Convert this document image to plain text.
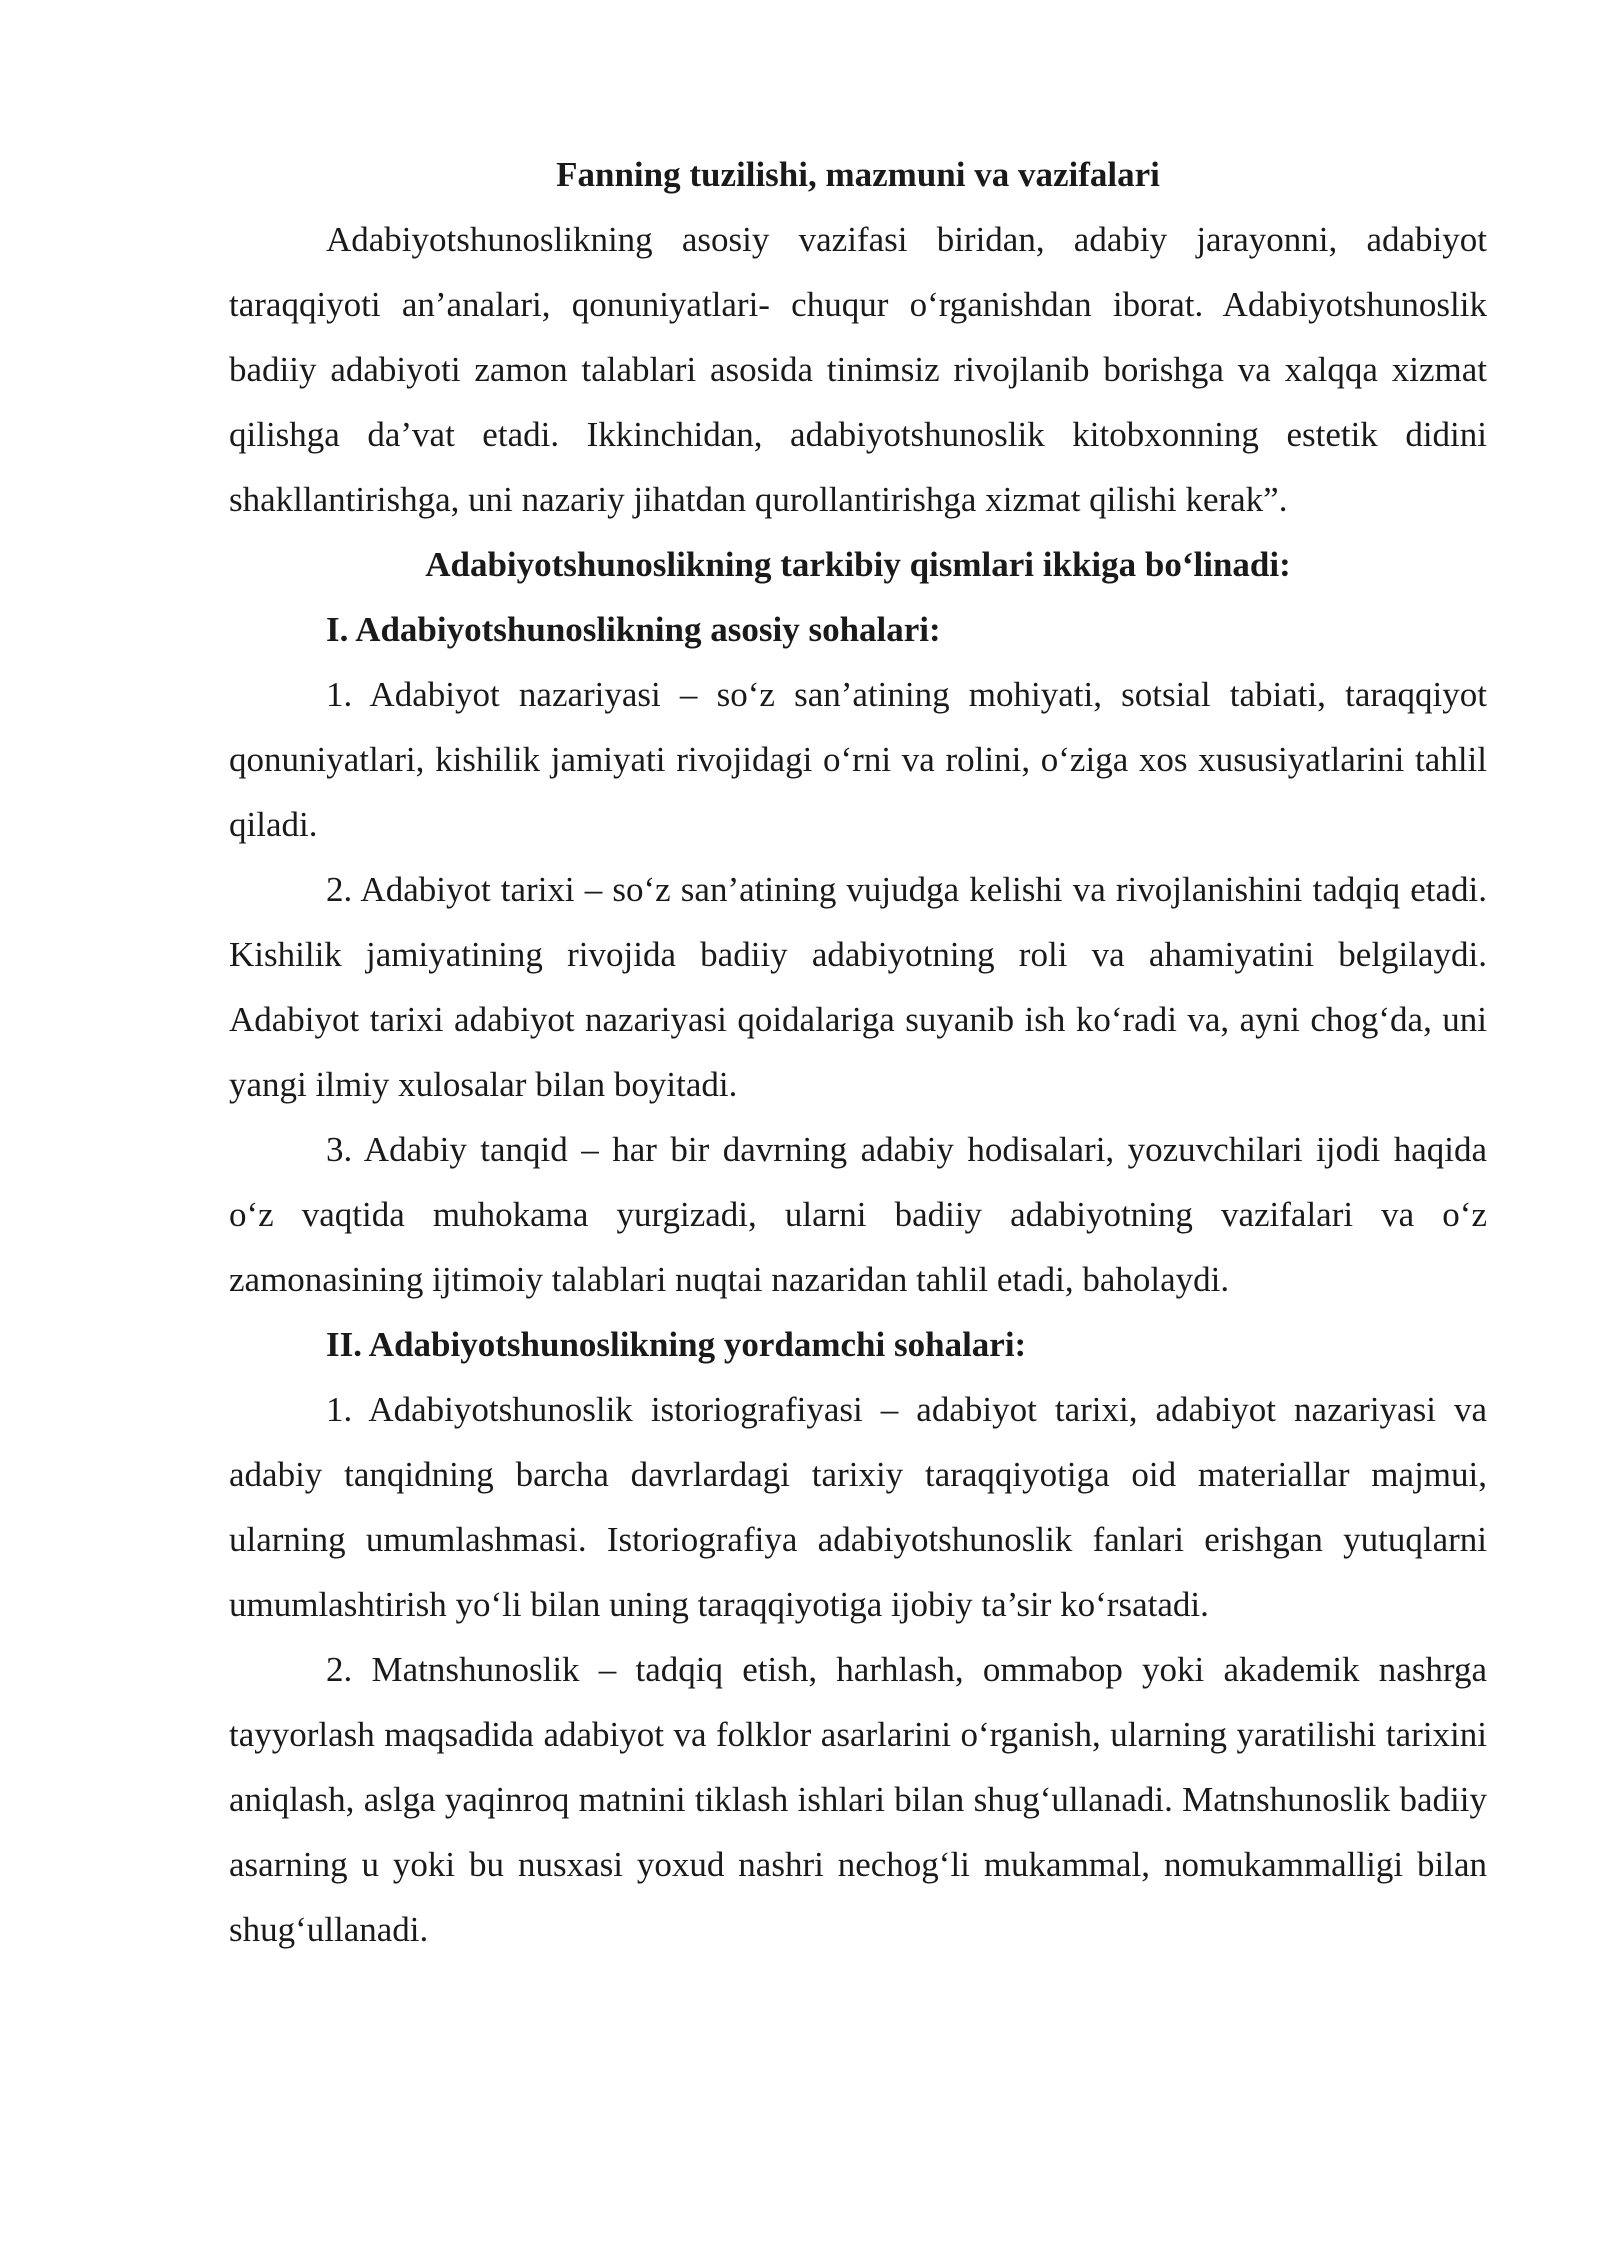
Fanning tuzilishi, mazmuni va vazifalari

Adabiyotshunoslikning asosiy vazifasi biridan, adabiy jarayonni, adabiyot taraqqiyoti an’analari, qonuniyatlari- chuqur o‘rganishdan iborat. Adabiyotshunoslik badiiy adabiyoti zamon talablari asosida tinimsiz rivojlanib borishga va xalqqa xizmat qilishga da’vat etadi. Ikkinchidan, adabiyotshunoslik kitobxonning estetik didini shakllantirishga, uni nazariy jihatdan qurollantirishga xizmat qilishi kerak”.

Adabiyotshunoslikning tarkibiy qismlari ikkiga bo‘linadi:

I. Adabiyotshunoslikning asosiy sohalari:

1. Adabiyot nazariyasi – so‘z san’atining mohiyati, sotsial tabiati, taraqqiyot qonuniyatlari, kishilik jamiyati rivojidagi o‘rni va rolini, o‘ziga xos xususiyatlarini tahlil qiladi.

2. Adabiyot tarixi – so‘z san’atining vujudga kelishi va rivojlanishini tadqiq etadi. Kishilik jamiyatining rivojida badiiy adabiyotning roli va ahamiyatini belgilaydi. Adabiyot tarixi adabiyot nazariyasi qoidalariga suyanib ish ko‘radi va, ayni chog‘da, uni yangi ilmiy xulosalar bilan boyitadi.

3. Adabiy tanqid – har bir davrning adabiy hodisalari, yozuvchilari ijodi haqida o‘z vaqtida muhokama yurgizadi, ularni badiiy adabiyotning vazifalari va o‘z zamonasining ijtimoiy talablari nuqtai nazaridan tahlil etadi, baholaydi.

II. Adabiyotshunoslikning yordamchi sohalari:

1. Adabiyotshunoslik istoriografiyasi – adabiyot tarixi, adabiyot nazariyasi va adabiy tanqidning barcha davrlardagi tarixiy taraqqiyotiga oid materiallar majmui, ularning umumlashmasi. Istoriografiya adabiyotshunoslik fanlari erishgan yutuqlarni umumlashtirish yo‘li bilan uning taraqqiyotiga ijobiy ta’sir ko‘rsatadi.

2. Matnshunoslik – tadqiq etish, harhlash, ommabop yoki akademik nashrga tayyorlash maqsadida adabiyot va folklor asarlarini o‘rganish, ularning yaratilishi tarixini aniqlash, aslga yaqinroq matnini tiklash ishlari bilan shug‘ullanadi. Matnshunoslik badiiy asarning u yoki bu nusxasi yoxud nashri nechog‘li mukammal, nomukammalligi bilan shug‘ullanadi.
